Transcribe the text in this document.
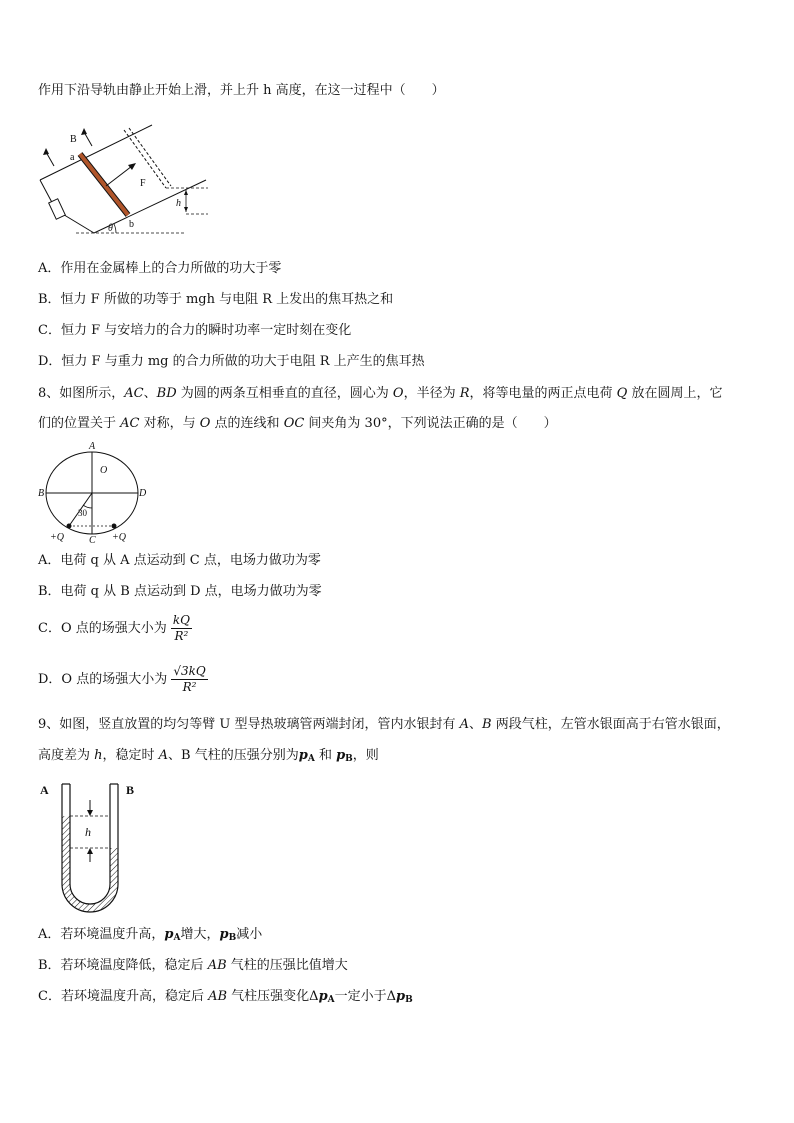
作用下沿导轨由静止开始上滑，并上升 h 高度，在这一过程中（　　）
B
a
b
F
h
θ
A．作用在金属棒上的合力所做的功大于零
B．恒力 F 所做的功等于 mgh 与电阻 R 上发出的焦耳热之和
C．恒力 F 与安培力的合力的瞬时功率一定时刻在变化
D．恒力 F 与重力 mg 的合力所做的功大于电阻 R 上产生的焦耳热
8、如图所示，AC、BD 为圆的两条互相垂直的直径，圆心为 O，半径为 R，将等电量的两正点电荷 Q 放在圆周上，它
们的位置关于 AC 对称，与 O 点的连线和 OC 间夹角为 30°，下列说法正确的是（　　）
A
B	D
C
O
30
+Q	+Q
A．电荷 q 从 A 点运动到 C 点，电场力做功为零
B．电荷 q 从 B 点运动到 D 点，电场力做功为零
C．O 点的场强大小为 $\frac{kQ}{\text{R²}}$
D．O 点的场强大小为 $\frac{√3kQ}{\text{R²}}$
9、如图，竖直放置的均匀等臂 U 型导热玻璃管两端封闭，管内水银封有 A、B 两段气柱，左管水银面高于右管水银面，
高度差为 h，稳定时 A、B 气柱的压强分别为$p_A$ 和 $p_B$，则
A	B
h
A．若环境温度升高，$p_A$增大，$p_B$减小
B．若环境温度降低，稳定后 AB 气柱的压强比值增大
C．若环境温度升高，稳定后 AB 气柱压强变化$\Delta p_A$一定小于$\Delta p_B$
